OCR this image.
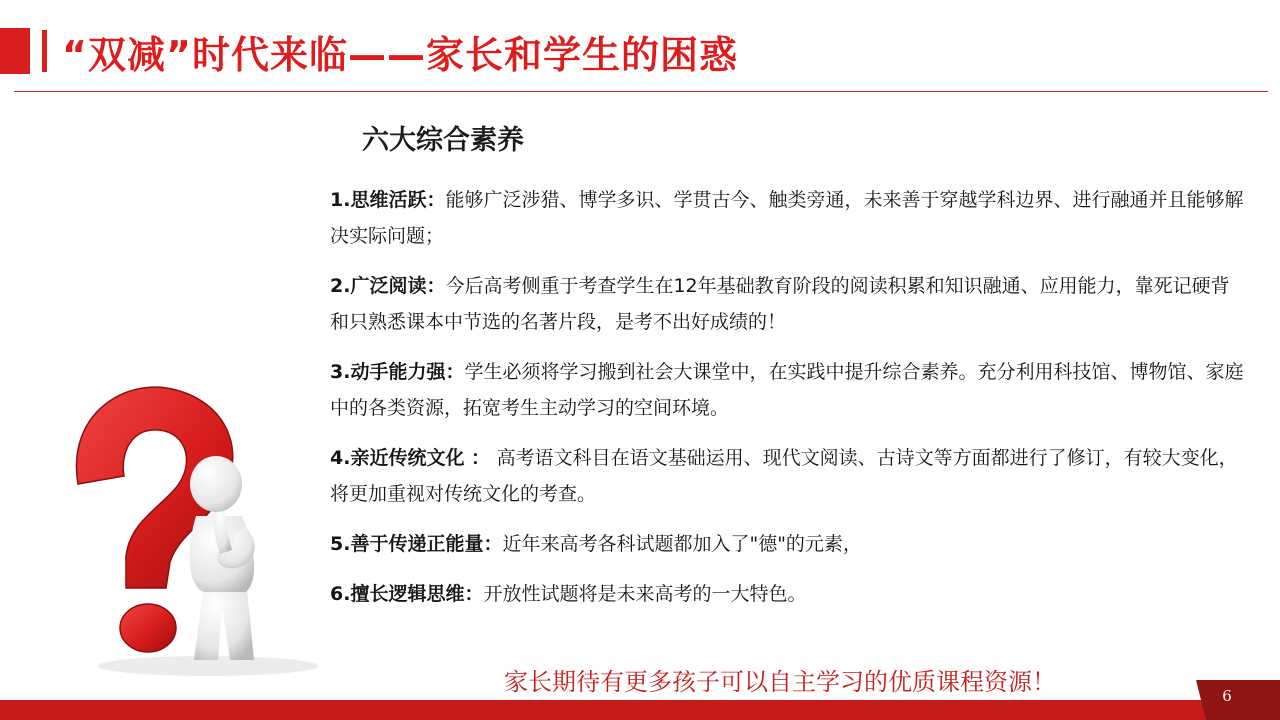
“双减”时代来临——家长和学生的困惑
六大综合素养
1.思维活跃：能够广泛涉猎、博学多识、学贯古今、触类旁通，未来善于穿越学科边界、进行融通并且能够解决实际问题；
2.广泛阅读：今后高考侧重于考查学生在12年基础教育阶段的阅读积累和知识融通、应用能力，靠死记硬背和只熟悉课本中节选的名著片段，是考不出好成绩的！
3.动手能力强：学生必须将学习搬到社会大课堂中，在实践中提升综合素养。充分利用科技馆、博物馆、家庭中的各类资源，拓宽考生主动学习的空间环境。
4.亲近传统文化 ： 高考语文科目在语文基础运用、现代文阅读、古诗文等方面都进行了修订，有较大变化，将更加重视对传统文化的考查。
5.善于传递正能量：近年来高考各科试题都加入了"德"的元素，
6.擅长逻辑思维：开放性试题将是未来高考的一大特色。

家长期待有更多孩子可以自主学习的优质课程资源！	6
